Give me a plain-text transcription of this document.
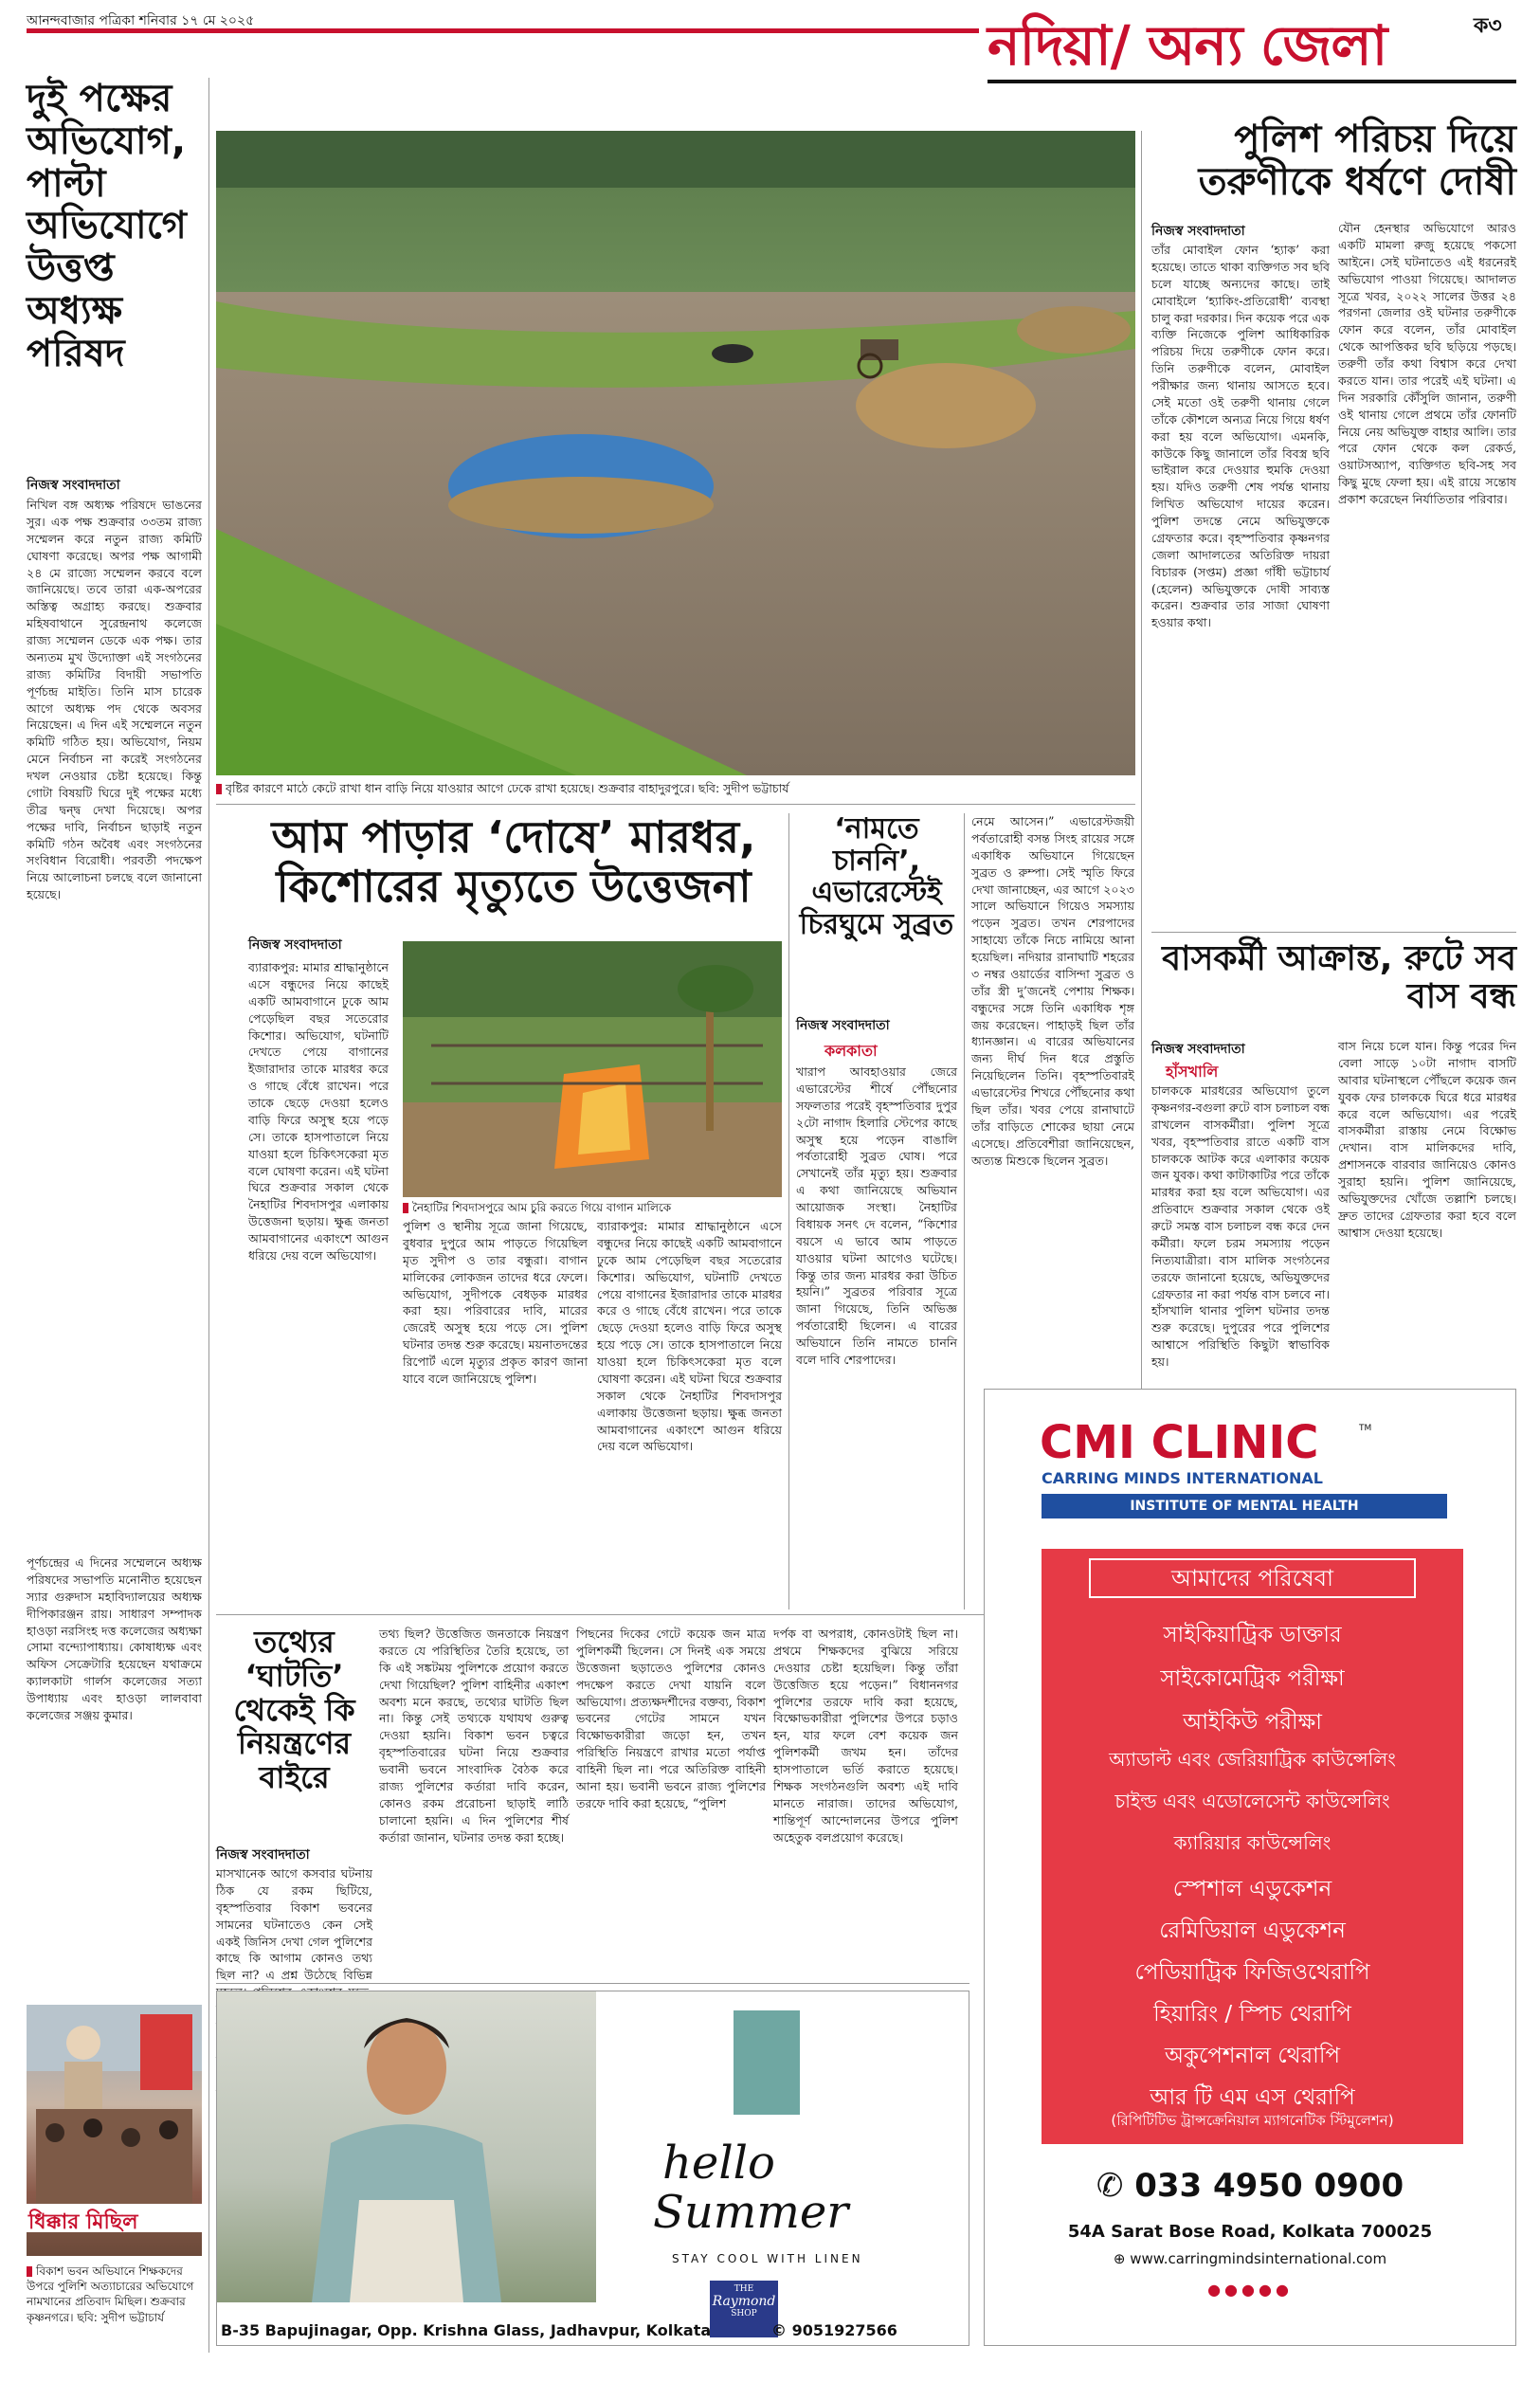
আনন্দবাজার পত্রিকা শনিবার ১৭ মে ২০২৫	নদিয়া/ অন্য জেলা	ক৩
দুই পক্ষের অভিযোগ, পাল্টা অভিযোগে উত্তপ্ত অধ্যক্ষ পরিষদ
নিজস্ব সংবাদদাতা
নিখিল বঙ্গ অধ্যক্ষ পরিষদে ভাঙনের সুর। এক পক্ষ শুক্রবার ৩৩তম রাজ্য সম্মেলন করে নতুন রাজ্য কমিটি ঘোষণা করেছে। অপর পক্ষ আগামী ২৪ মে রাজ্যে সম্মেলন করবে বলে জানিয়েছে। তবে তারা এক-অপরের অস্তিত্ব অগ্রাহ্য করছে। শুক্রবার মহিষবাথানে সুরেন্দ্রনাথ কলেজে রাজ্য সম্মেলন ডেকে এক পক্ষ। তার অন্যতম মুখ উদ্যোক্তা এই সংগঠনের রাজ্য কমিটির বিদায়ী সভাপতি পূর্ণচন্দ্র মাইতি। তিনি মাস চারেক আগে অধ্যক্ষ পদ থেকে অবসর নিয়েছেন। এ দিন এই সম্মেলনে নতুন কমিটি গঠিত হয়। অভিযোগ, নিয়ম মেনে নির্বাচন না করেই সংগঠনের দখল নেওয়ার চেষ্টা হয়েছে। কিন্তু গোটা বিষয়টি ঘিরে দুই পক্ষের মধ্যে তীব্র দ্বন্দ্ব দেখা দিয়েছে। অপর পক্ষের দাবি, নির্বাচন ছাড়াই নতুন কমিটি গঠন অবৈধ এবং সংগঠনের সংবিধান বিরোধী। পরবর্তী পদক্ষেপ নিয়ে আলোচনা চলছে বলে জানানো হয়েছে।
পূর্ণচন্দ্রের এ দিনের সম্মেলনে অধ্যক্ষ পরিষদের সভাপতি মনোনীত হয়েছেন স্যার গুরুদাস মহাবিদ্যালয়ের অধ্যক্ষ দীপিকারঞ্জন রায়। সাধারণ সম্পাদক হাওড়া নরসিংহ দত্ত কলেজের অধ্যক্ষা সোমা বন্দ্যোপাধ্যায়। কোষাধ্যক্ষ এবং অফিস সেক্রেটারি হয়েছেন যথাক্রমে ক্যালকাটা গার্লস কলেজের সত্যা উপাধ্যায় এবং হাওড়া লালবাবা কলেজের সঞ্জয় কুমার।
ধিক্কার মিছিল
বিকাশ ভবন অভিযানে শিক্ষকদের উপরে পুলিশি অত্যাচারের অভিযোগে নামখানের প্রতিবাদ মিছিল। শুক্রবার কৃষ্ণনগরে। ছবি: সুদীপ ভট্টাচার্য
বৃষ্টির কারণে মাঠে কেটে রাখা ধান বাড়ি নিয়ে যাওয়ার আগে ঢেকে রাখা হয়েছে। শুক্রবার বাহাদুরপুরে। ছবি: সুদীপ ভট্টাচার্য
আম পাড়ার ‘দোষে’ মারধর,
কিশোরের মৃত্যুতে উত্তেজনা
নিজস্ব সংবাদদাতা
ব্যারাকপুর: মামার শ্রাদ্ধানুষ্ঠানে এসে বন্ধুদের নিয়ে কাছেই একটি আমবাগানে ঢুকে আম পেড়েছিল বছর সতেরোর কিশোর। অভিযোগ, ঘটনাটি দেখতে পেয়ে বাগানের ইজারাদার তাকে মারধর করে ও গাছে বেঁধে রাখেন। পরে তাকে ছেড়ে দেওয়া হলেও বাড়ি ফিরে অসুস্থ হয়ে পড়ে সে। তাকে হাসপাতালে নিয়ে যাওয়া হলে চিকিৎসকেরা মৃত বলে ঘোষণা করেন। এই ঘটনা ঘিরে শুক্রবার সকাল থেকে নৈহাটির শিবদাসপুর এলাকায় উত্তেজনা ছড়ায়। ক্ষুব্ধ জনতা আমবাগানের একাংশে আগুন ধরিয়ে দেয় বলে অভিযোগ।
নৈহাটির শিবদাসপুরে আম চুরি করতে গিয়ে বাগান মালিকে
পুলিশ ও স্থানীয় সূত্রে জানা গিয়েছে, বুধবার দুপুরে আম পাড়তে গিয়েছিল মৃত সুদীপ ও তার বন্ধুরা। বাগান মালিকের লোকজন তাদের ধরে ফেলে। অভিযোগ, সুদীপকে বেধড়ক মারধর করা হয়। পরিবারের দাবি, মারের জেরেই অসুস্থ হয়ে পড়ে সে। পুলিশ ঘটনার তদন্ত শুরু করেছে। ময়নাতদন্তের রিপোর্ট এলে মৃত্যুর প্রকৃত কারণ জানা যাবে বলে জানিয়েছে পুলিশ।
ব্যারাকপুর: মামার শ্রাদ্ধানুষ্ঠানে এসে বন্ধুদের নিয়ে কাছেই একটি আমবাগানে ঢুকে আম পেড়েছিল বছর সতেরোর কিশোর। অভিযোগ, ঘটনাটি দেখতে পেয়ে বাগানের ইজারাদার তাকে মারধর করে ও গাছে বেঁধে রাখেন। পরে তাকে ছেড়ে দেওয়া হলেও বাড়ি ফিরে অসুস্থ হয়ে পড়ে সে। তাকে হাসপাতালে নিয়ে যাওয়া হলে চিকিৎসকেরা মৃত বলে ঘোষণা করেন। এই ঘটনা ঘিরে শুক্রবার সকাল থেকে নৈহাটির শিবদাসপুর এলাকায় উত্তেজনা ছড়ায়। ক্ষুব্ধ জনতা আমবাগানের একাংশে আগুন ধরিয়ে দেয় বলে অভিযোগ।
‘নামতে চাননি’, এভারেস্টেই চিরঘুমে সুব্রত
নিজস্ব সংবাদদাতা
কলকাতা
খারাপ আবহাওয়ার জেরে এভারেস্টের শীর্ষে পৌঁছনোর সফলতার পরেই বৃহস্পতিবার দুপুর ২টো নাগাদ হিলারি স্টেপের কাছে অসুস্থ হয়ে পড়েন বাঙালি পর্বতারোহী সুব্রত ঘোষ। পরে সেখানেই তাঁর মৃত্যু হয়। শুক্রবার এ কথা জানিয়েছে অভিযান আয়োজক সংস্থা। নৈহাটির বিধায়ক সনৎ দে বলেন, “কিশোর বয়সে এ ভাবে আম পাড়তে যাওয়ার ঘটনা আগেও ঘটেছে। কিন্তু তার জন্য মারধর করা উচিত হয়নি।” সুব্রতর পরিবার সূত্রে জানা গিয়েছে, তিনি অভিজ্ঞ পর্বতারোহী ছিলেন। এ বারের অভিযানে তিনি নামতে চাননি বলে দাবি শেরপাদের।
নেমে আসেন।” এভারেস্টজয়ী পর্বতারোহী বসন্ত সিংহ রায়ের সঙ্গে একাধিক অভিযানে গিয়েছেন সুব্রত ও রুম্পা। সেই স্মৃতি ফিরে দেখা জানাচ্ছেন, এর আগে ২০২৩ সালে অভিযানে গিয়েও সমস্যায় পড়েন সুব্রত। তখন শেরপাদের সাহায্যে তাঁকে নিচে নামিয়ে আনা হয়েছিল। নদিয়ার রানাঘাটি শহরের ৩ নম্বর ওয়ার্ডের বাসিন্দা সুব্রত ও তাঁর স্ত্রী দু’জনেই পেশায় শিক্ষক। বন্ধুদের সঙ্গে তিনি একাধিক শৃঙ্গ জয় করেছেন। পাহাড়ই ছিল তাঁর ধ্যানজ্ঞান। এ বারের অভিযানের জন্য দীর্ঘ দিন ধরে প্রস্তুতি নিয়েছিলেন তিনি। বৃহস্পতিবারই এভারেস্টের শিখরে পৌঁছনোর কথা ছিল তাঁর। খবর পেয়ে রানাঘাটে তাঁর বাড়িতে শোকের ছায়া নেমে এসেছে। প্রতিবেশীরা জানিয়েছেন, অত্যন্ত মিশুকে ছিলেন সুব্রত।
পুলিশ পরিচয় দিয়ে তরুণীকে ধর্ষণে দোষী
নিজস্ব সংবাদদাতা
তাঁর মোবাইল ফোন ‘হ্যাক’ করা হয়েছে। তাতে থাকা ব্যক্তিগত সব ছবি চলে যাচ্ছে অন্যদের কাছে। তাই মোবাইলে ‘হ্যাকিং-প্রতিরোধী’ ব্যবস্থা চালু করা দরকার। দিন কয়েক পরে এক ব্যক্তি নিজেকে পুলিশ আধিকারিক পরিচয় দিয়ে তরুণীকে ফোন করে। তিনি তরুণীকে বলেন, মোবাইল পরীক্ষার জন্য থানায় আসতে হবে। সেই মতো ওই তরুণী থানায় গেলে তাঁকে কৌশলে অন্যত্র নিয়ে গিয়ে ধর্ষণ করা হয় বলে অভিযোগ। এমনকি, কাউকে কিছু জানালে তাঁর বিবস্ত্র ছবি ভাইরাল করে দেওয়ার হুমকি দেওয়া হয়। যদিও তরুণী শেষ পর্যন্ত থানায় লিখিত অভিযোগ দায়ের করেন। পুলিশ তদন্তে নেমে অভিযুক্তকে গ্রেফতার করে। বৃহস্পতিবার কৃষ্ণনগর জেলা আদালতের অতিরিক্ত দায়রা বিচারক (সপ্তম) প্রজ্ঞা গাঁধী ভট্টাচার্য (হেলেন) অভিযুক্তকে দোষী সাব্যস্ত করেন। শুক্রবার তার সাজা ঘোষণা হওয়ার কথা।
যৌন হেনস্থার অভিযোগে আরও একটি মামলা রুজু হয়েছে পকসো আইনে। সেই ঘটনাতেও এই ধরনেরই অভিযোগ পাওয়া গিয়েছে। আদালত সূত্রে খবর, ২০২২ সালের উত্তর ২৪ পরগনা জেলার ওই ঘটনার তরুণীকে ফোন করে বলেন, তাঁর মোবাইল থেকে আপত্তিকর ছবি ছড়িয়ে পড়ছে। তরুণী তাঁর কথা বিশ্বাস করে দেখা করতে যান। তার পরেই এই ঘটনা। এ দিন সরকারি কৌঁসুলি জানান, তরুণী ওই থানায় গেলে প্রথমে তাঁর ফোনটি নিয়ে নেয় অভিযুক্ত বাহার আলি। তার পরে ফোন থেকে কল রেকর্ড, ওয়াটসঅ্যাপ, ব্যক্তিগত ছবি-সহ সব কিছু মুছে ফেলা হয়। এই রায়ে সন্তোষ প্রকাশ করেছেন নির্যাতিতার পরিবার।
বাসকর্মী আক্রান্ত, রুটে সব বাস বন্ধ
নিজস্ব সংবাদদাতা
হাঁসখালি
চালককে মারধরের অভিযোগ তুলে কৃষ্ণনগর-বগুলা রুটে বাস চলাচল বন্ধ রাখলেন বাসকর্মীরা। পুলিশ সূত্রে খবর, বৃহস্পতিবার রাতে একটি বাস চালককে আটক করে এলাকার কয়েক জন যুবক। কথা কাটাকাটির পরে তাঁকে মারধর করা হয় বলে অভিযোগ। এর প্রতিবাদে শুক্রবার সকাল থেকে ওই রুটে সমস্ত বাস চলাচল বন্ধ করে দেন কর্মীরা। ফলে চরম সমস্যায় পড়েন নিত্যযাত্রীরা। বাস মালিক সংগঠনের তরফে জানানো হয়েছে, অভিযুক্তদের গ্রেফতার না করা পর্যন্ত বাস চলবে না। হাঁসখালি থানার পুলিশ ঘটনার তদন্ত শুরু করেছে। দুপুরের পরে পুলিশের আশ্বাসে পরিস্থিতি কিছুটা স্বাভাবিক হয়।
বাস নিয়ে চলে যান। কিন্তু পরের দিন বেলা সাড়ে ১০টা নাগাদ বাসটি আবার ঘটনাস্থলে পৌঁছলে কয়েক জন যুবক ফের চালককে ঘিরে ধরে মারধর করে বলে অভিযোগ। এর পরেই বাসকর্মীরা রাস্তায় নেমে বিক্ষোভ দেখান। বাস মালিকদের দাবি, প্রশাসনকে বারবার জানিয়েও কোনও সুরাহা হয়নি। পুলিশ জানিয়েছে, অভিযুক্তদের খোঁজে তল্লাশি চলছে। দ্রুত তাদের গ্রেফতার করা হবে বলে আশ্বাস দেওয়া হয়েছে।
তথ্যের ‘ঘাটতি’ থেকেই কি নিয়ন্ত্রণের বাইরে
নিজস্ব সংবাদদাতা
মাসখানেক আগে কসবার ঘটনায় ঠিক যে রকম ছিটিয়ে, বৃহস্পতিবার বিকাশ ভবনের সামনের ঘটনাতেও কেন সেই একই জিনিস দেখা গেল পুলিশের কাছে কি আগাম কোনও তথ্য ছিল না? এ প্রশ্ন উঠেছে বিভিন্ন
তথ্য ছিল? উত্তেজিত জনতাকে নিয়ন্ত্রণ করতে যে পরিস্থিতির তৈরি হয়েছে, তা কি এই সঙ্কটময় পুলিশকে প্রয়োগ করতে দেখা গিয়েছিল? পুলিশ বাহিনীর একাংশ অবশ্য মনে করছে, তথ্যের ঘাটতি ছিল না। কিন্তু সেই তথ্যকে যথাযথ গুরুত্ব দেওয়া হয়নি। বিকাশ ভবন চত্বরে বৃহস্পতিবারের ঘটনা নিয়ে শুক্রবার ভবানী ভবনে সাংবাদিক বৈঠক করে রাজ্য পুলিশের কর্তারা দাবি করেন, কোনও রকম প্ররোচনা ছাড়াই লাঠি চালানো হয়নি। এ দিন পুলিশের শীর্ষ কর্তারা জানান, ঘটনার তদন্ত করা হচ্ছে।
পিছনের দিকের গেটে কয়েক জন মাত্র পুলিশকর্মী ছিলেন। সে দিনই এক সময়ে উত্তেজনা ছড়াতেও পুলিশের কোনও পদক্ষেপ করতে দেখা যায়নি বলে অভিযোগ। প্রত্যক্ষদর্শীদের বক্তব্য, বিকাশ ভবনের গেটের সামনে যখন বিক্ষোভকারীরা জড়ো হন, তখন পরিস্থিতি নিয়ন্ত্রণে রাখার মতো পর্যাপ্ত বাহিনী ছিল না। পরে অতিরিক্ত বাহিনী আনা হয়। ভবানী ভবনে রাজ্য পুলিশের তরফে দাবি করা হয়েছে, “পুলিশ
দর্পক বা অপরাধ, কোনওটাই ছিল না। প্রথমে শিক্ষকদের বুঝিয়ে সরিয়ে দেওয়ার চেষ্টা হয়েছিল। কিন্তু তাঁরা উত্তেজিত হয়ে পড়েন।” বিধাননগর পুলিশের তরফে দাবি করা হয়েছে, বিক্ষোভকারীরা পুলিশের উপরে চড়াও হন, যার ফলে বেশ কয়েক জন পুলিশকর্মী জখম হন। তাঁদের হাসপাতালে ভর্তি করাতে হয়েছে। শিক্ষক সংগঠনগুলি অবশ্য এই দাবি মানতে নারাজ। তাদের অভিযোগ, শান্তিপূর্ণ আন্দোলনের উপরে পুলিশ অহেতুক বলপ্রয়োগ করেছে।
hello
Summer
STAY COOL WITH LINEN
THE
Raymond
SHOP
B-35 Bapujinagar, Opp. Krishna Glass, Jadhavpur, Kolkata	© 9051927566
CMI CLINIC	TM
CARRING MINDS INTERNATIONAL
INSTITUTE OF MENTAL HEALTH
আমাদের পরিষেবা
সাইকিয়াট্রিক ডাক্তার
সাইকোমেট্রিক পরীক্ষা
আইকিউ পরীক্ষা
অ্যাডাল্ট এবং জেরিয়াট্রিক কাউন্সেলিং
চাইল্ড এবং এডোলেসেন্ট কাউন্সেলিং
ক্যারিয়ার কাউন্সেলিং
স্পেশাল এডুকেশন
রেমিডিয়াল এডুকেশন
পেডিয়াট্রিক ফিজিওথেরাপি
হিয়ারিং / স্পিচ থেরাপি
অকুপেশনাল থেরাপি
আর টি এম এস থেরাপি
(রিপিটিটিভ ট্রান্সক্রেনিয়াল ম্যাগনেটিক স্টিমুলেশন)
✆ 033 4950 0900
54A Sarat Bose Road, Kolkata 700025
⊕ www.carringmindsinternational.com
●●●●●
